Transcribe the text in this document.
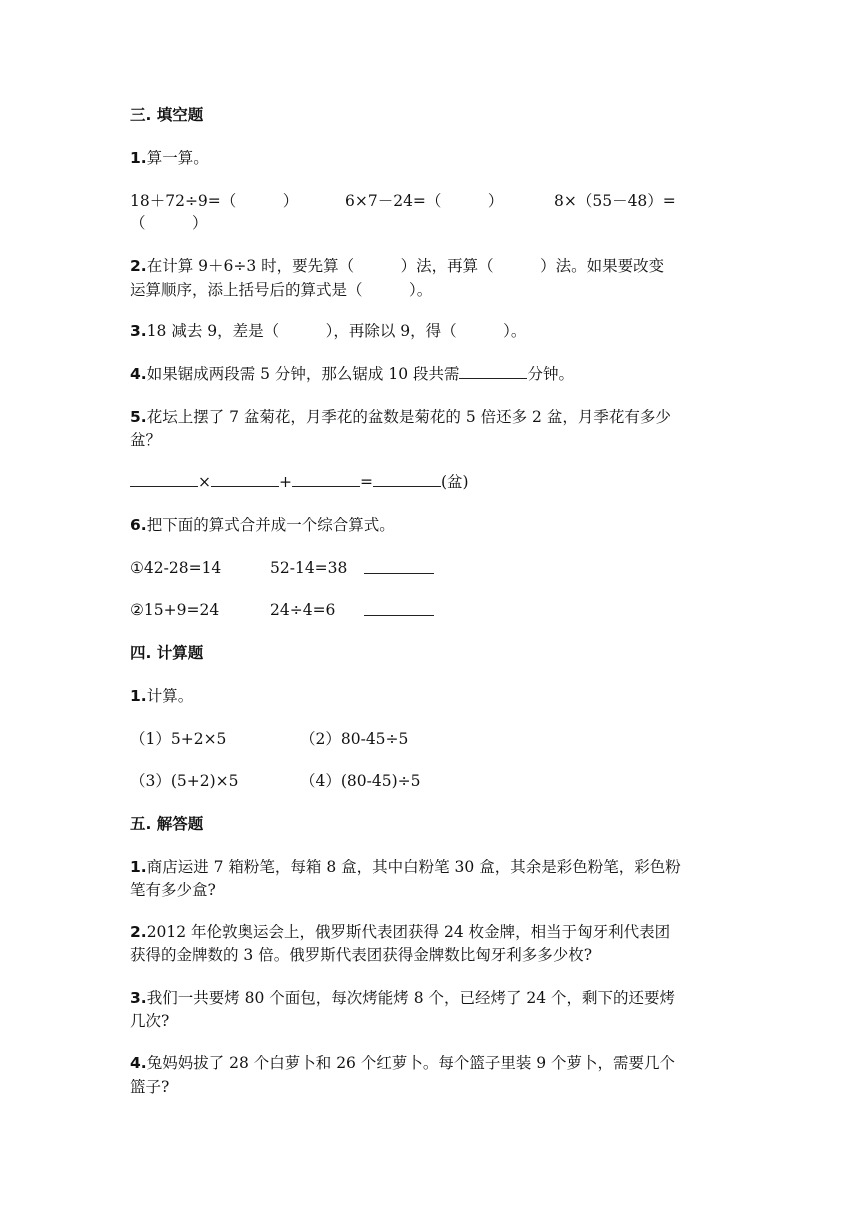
三. 填空题
1.算一算。
18＋72÷9=（　　　）	6×7－24=（　　　）	8×（55－48）=
（　　　）
2.在计算 9＋6÷3 时，要先算（　　　）法，再算（　　　）法。如果要改变
运算顺序，添上括号后的算式是（　　　）。
3.18 减去 9，差是（　　　），再除以 9，得（　　　）。
4.如果锯成两段需 5 分钟，那么锯成 10 段共需	分钟。
5.花坛上摆了 7 盆菊花，月季花的盆数是菊花的 5 倍还多 2 盆，月季花有多少
盆？
×	+	=	(盆)
6.把下面的算式合并成一个综合算式。
①42-28=14	52-14=38
②15+9=24	24÷4=6
四. 计算题
1.计算。
（1）5+2×5	（2）80-45÷5
（3）(5+2)×5	（4）(80-45)÷5
五. 解答题
1.商店运进 7 箱粉笔，每箱 8 盒，其中白粉笔 30 盒，其余是彩色粉笔，彩色粉
笔有多少盒?
2.2012 年伦敦奥运会上，俄罗斯代表团获得 24 枚金牌，相当于匈牙利代表团
获得的金牌数的 3 倍。俄罗斯代表团获得金牌数比匈牙利多多少枚?
3.我们一共要烤 80 个面包，每次烤能烤 8 个，已经烤了 24 个，剩下的还要烤
几次?
4.兔妈妈拔了 28 个白萝卜和 26 个红萝卜。每个篮子里装 9 个萝卜，需要几个
篮子?
